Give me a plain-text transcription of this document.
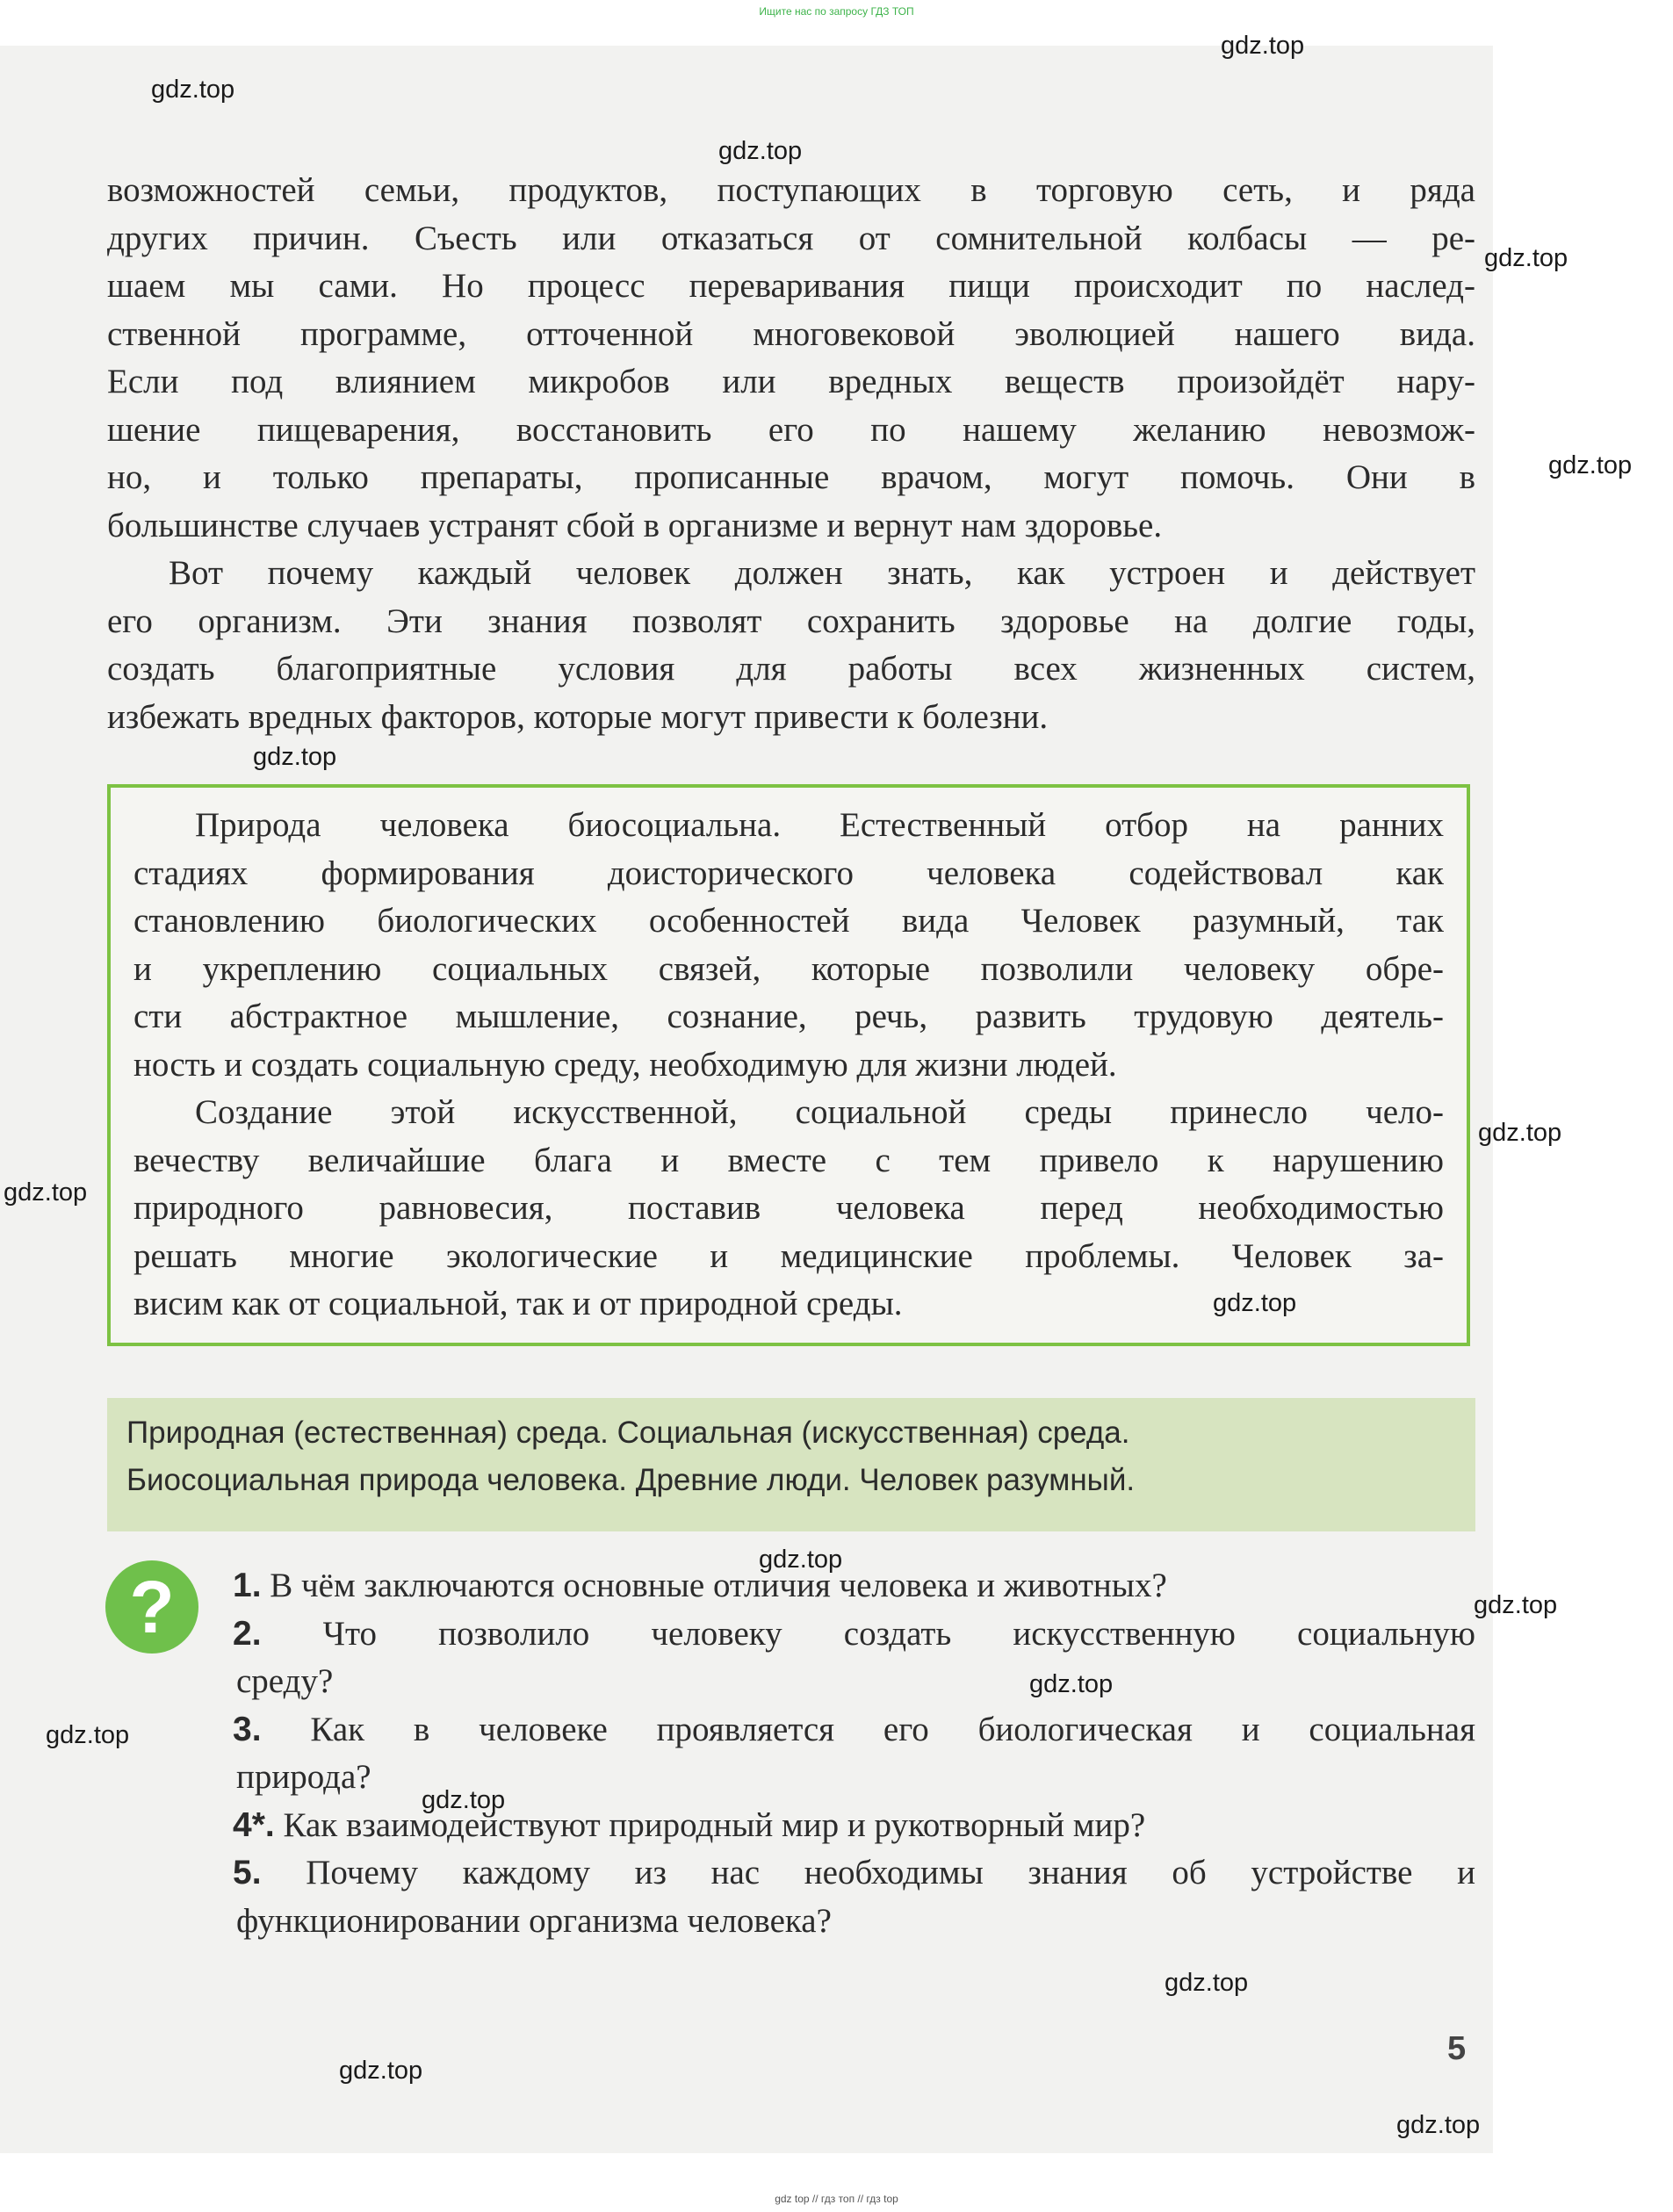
Ищите нас по запросу ГДЗ ТОП
возможностей семьи, продуктов, поступающих в торговую сеть, и ряда
других причин. Съесть или отказаться от сомнительной колбасы — ре-
шаем мы сами. Но процесс переваривания пищи происходит по наслед-
ственной программе, отточенной многовековой эволюцией нашего вида.
Если под влиянием микробов или вредных веществ произойдёт нару-
шение пищеварения, восстановить его по нашему желанию невозмож-
но, и только препараты, прописанные врачом, могут помочь. Они в
большинстве случаев устранят сбой в организме и вернут нам здоровье.
Вот почему каждый человек должен знать, как устроен и действует
его организм. Эти знания позволят сохранить здоровье на долгие годы,
создать благоприятные условия для работы всех жизненных систем,
избежать вредных факторов, которые могут привести к болезни.
Природа человека биосоциальна. Естественный отбор на ранних
стадиях формирования доисторического человека содействовал как
становлению биологических особенностей вида Человек разумный, так
и укреплению социальных связей, которые позволили человеку обре-
сти абстрактное мышление, сознание, речь, развить трудовую деятель-
ность и создать социальную среду, необходимую для жизни людей.
Создание этой искусственной, социальной среды принесло чело-
вечеству величайшие блага и вместе с тем привело к нарушению
природного равновесия, поставив человека перед необходимостью
решать многие экологические и медицинские проблемы. Человек за-
висим как от социальной, так и от природной среды.
Природная (естественная) среда. Социальная (искусственная) среда.
Биосоциальная природа человека. Древние люди. Человек разумный.
?	1. В чём заключаются основные отличия человека и животных?
2. Что позволило человеку создать искусственную социальную
среду?
3. Как в человеке проявляется его биологическая и социальная
природа?
4*. Как взаимодействуют природный мир и рукотворный мир?
5. Почему каждому из нас необходимы знания об устройстве и
функционировании организма человека?
5
gdz.top
gdz.top
gdz.top
gdz.top
gdz.top
gdz.top
gdz.top
gdz.top
gdz.top
gdz.top
gdz.top
gdz.top
gdz.top
gdz.top
gdz.top
gdz.top
gdz.top
gdz top // гдз топ // гдз top
